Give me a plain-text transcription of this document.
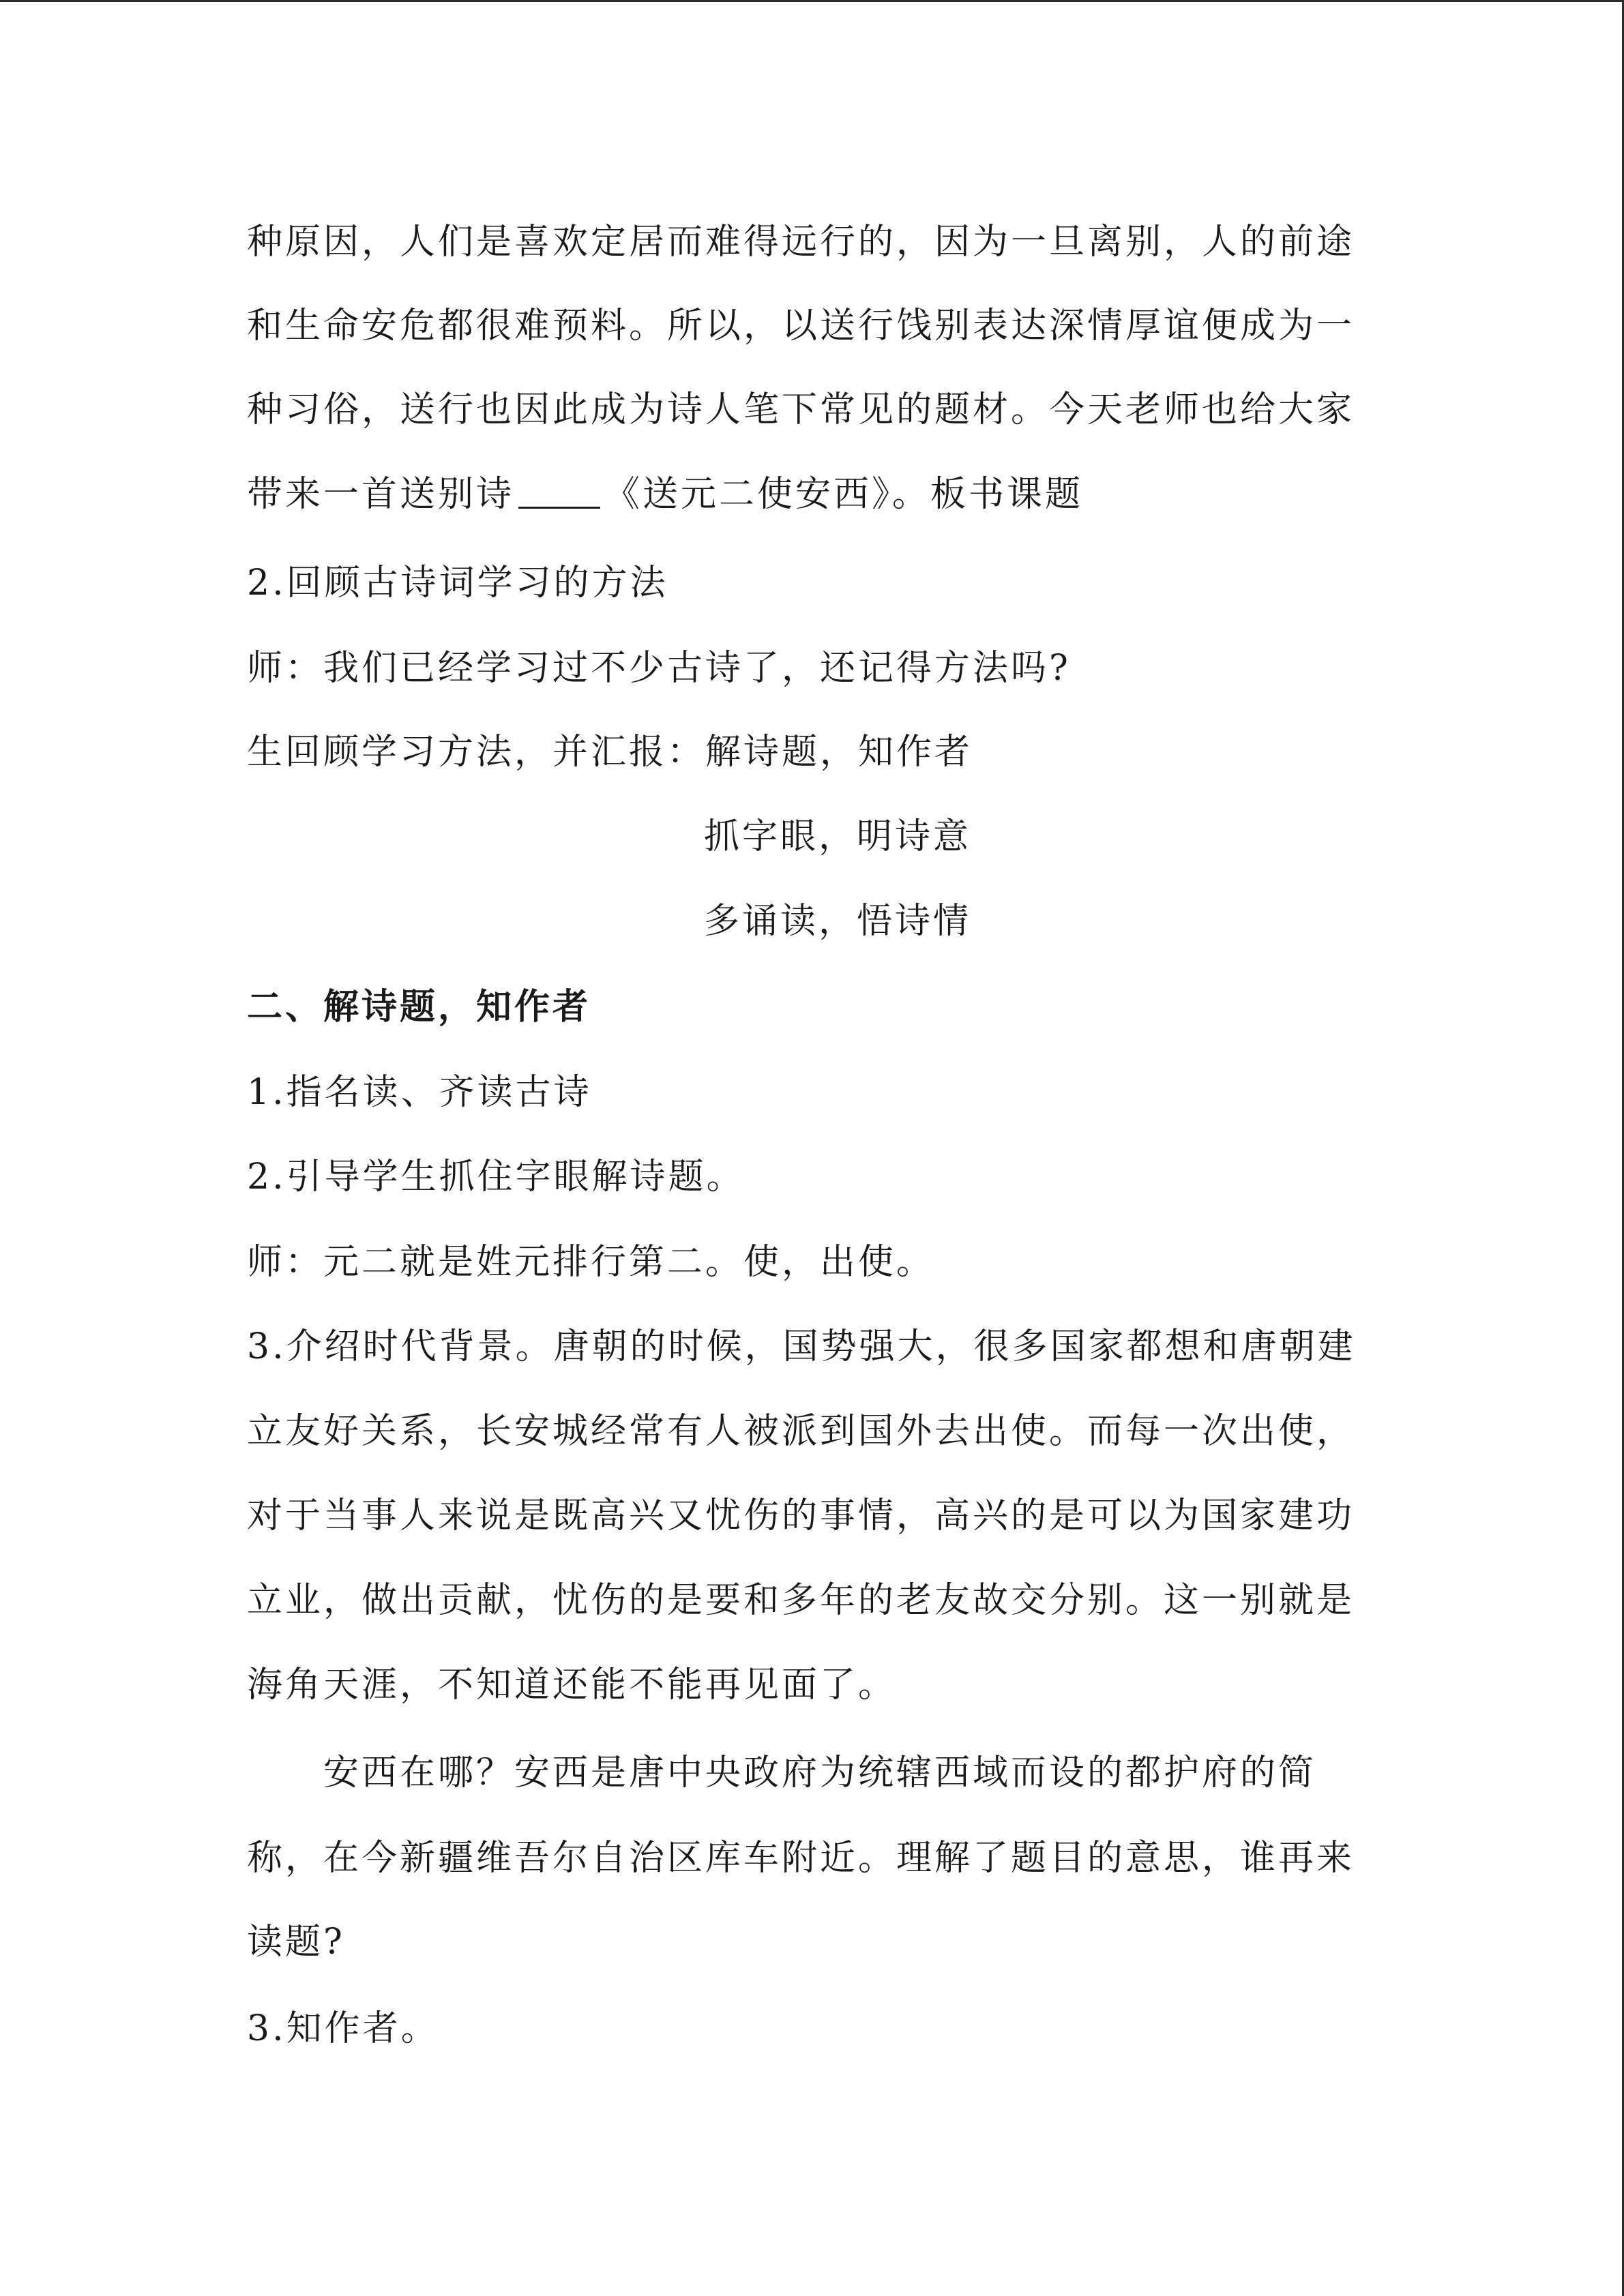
种原因，人们是喜欢定居而难得远行的，因为一旦离别，人的前途
和生命安危都很难预料。所以，以送行饯别表达深情厚谊便成为一
种习俗，送行也因此成为诗人笔下常见的题材。今天老师也给大家
带来一首送别诗	《送元二使安西》。板书课题
2.回顾古诗词学习的方法
师：我们已经学习过不少古诗了，还记得方法吗?
生回顾学习方法，并汇报：解诗题，知作者
抓字眼，明诗意
多诵读，悟诗情
二、解诗题，知作者
1.指名读、齐读古诗
2.引导学生抓住字眼解诗题。
师：元二就是姓元排行第二。使，出使。
3.介绍时代背景。唐朝的时候，国势强大，很多国家都想和唐朝建
立友好关系，长安城经常有人被派到国外去出使。而每一次出使，
对于当事人来说是既高兴又忧伤的事情，高兴的是可以为国家建功
立业，做出贡献，忧伤的是要和多年的老友故交分别。这一别就是
海角天涯，不知道还能不能再见面了。
安西在哪？安西是唐中央政府为统辖西域而设的都护府的简
称，在今新疆维吾尔自治区库车附近。理解了题目的意思，谁再来
读题?
3.知作者。
